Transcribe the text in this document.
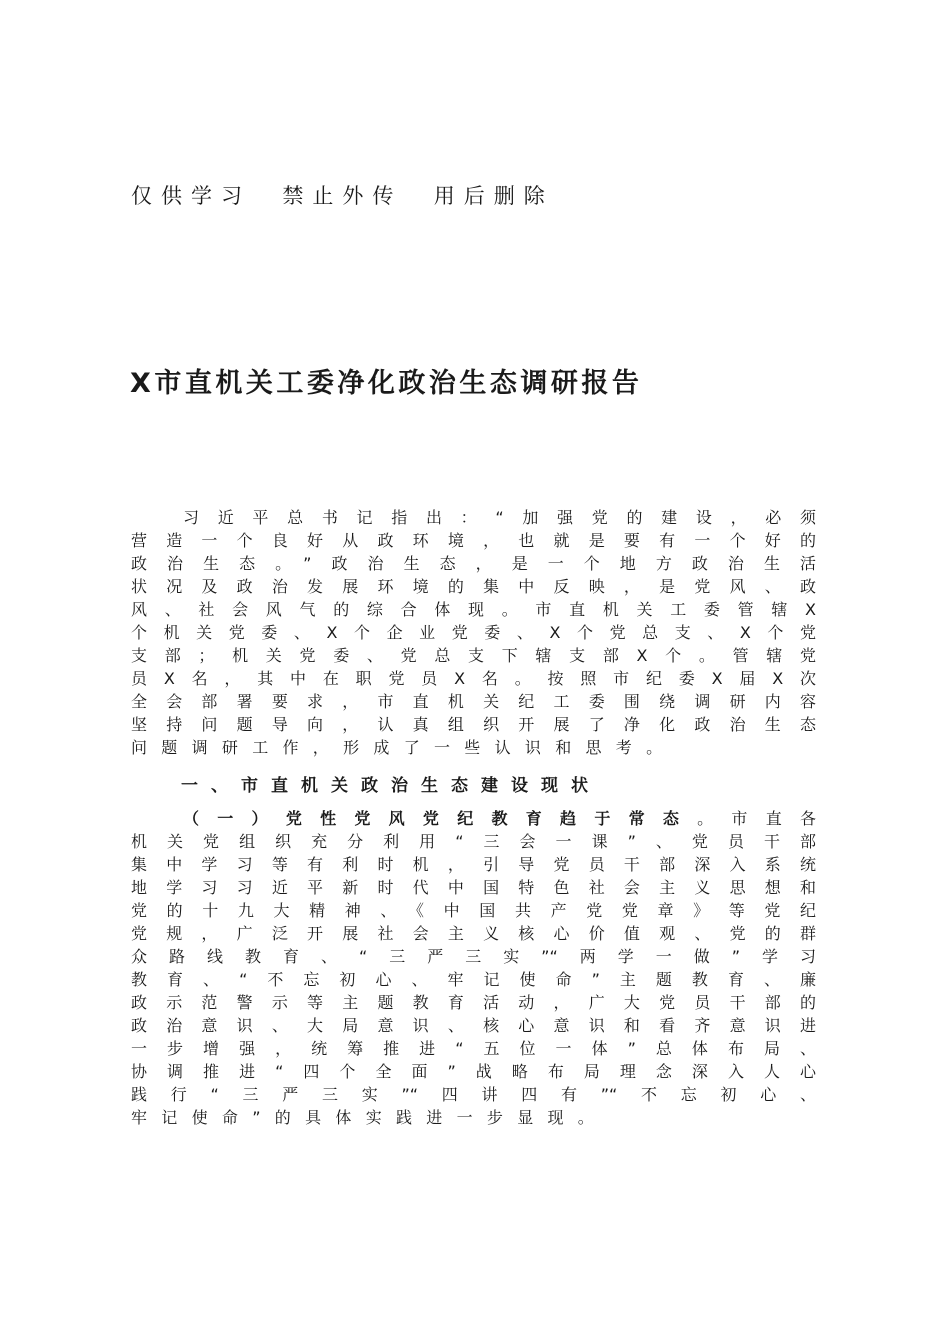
仅供学习  禁止外传  用后删除
X市直机关工委净化政治生态调研报告

习近平总书记指出：“加强党的建设，必须

营造一个良好从政环境，也就是要有一个好的

政治生态。”政治生态，是一个地方政治生活

状况及政治发展环境的集中反映，是党风、政

风、社会风气的综合体现。市直机关工委管辖X

个机关党委、X个企业党委、X个党总支、X个党

支部；机关党委、党总支下辖支部X个。管辖党

员X名，其中在职党员X名。按照市纪委X届X次

全会部署要求，市直机关纪工委围绕调研内容

坚持问题导向，认真组织开展了净化政治生态

问题调研工作，形成了一些认识和思考。

一、市直机关政治生态建设现状

（一）党性党风党纪教育趋于常态。市直各

机关党组织充分利用“三会一课”、党员干部

集中学习等有利时机，引导党员干部深入系统

地学习习近平新时代中国特色社会主义思想和

党的十九大精神、《中国共产党党章》等党纪

党规，广泛开展社会主义核心价值观、党的群

众路线教育、“三严三实”“两学一做”学习

教育、“不忘初心、牢记使命”主题教育、廉

政示范警示等主题教育活动，广大党员干部的

政治意识、大局意识、核心意识和看齐意识进

一步增强，统筹推进“五位一体”总体布局、

协调推进“四个全面”战略布局理念深入人心

践行“三严三实”“四讲四有”“不忘初心、

牢记使命”的具体实践进一步显现。
